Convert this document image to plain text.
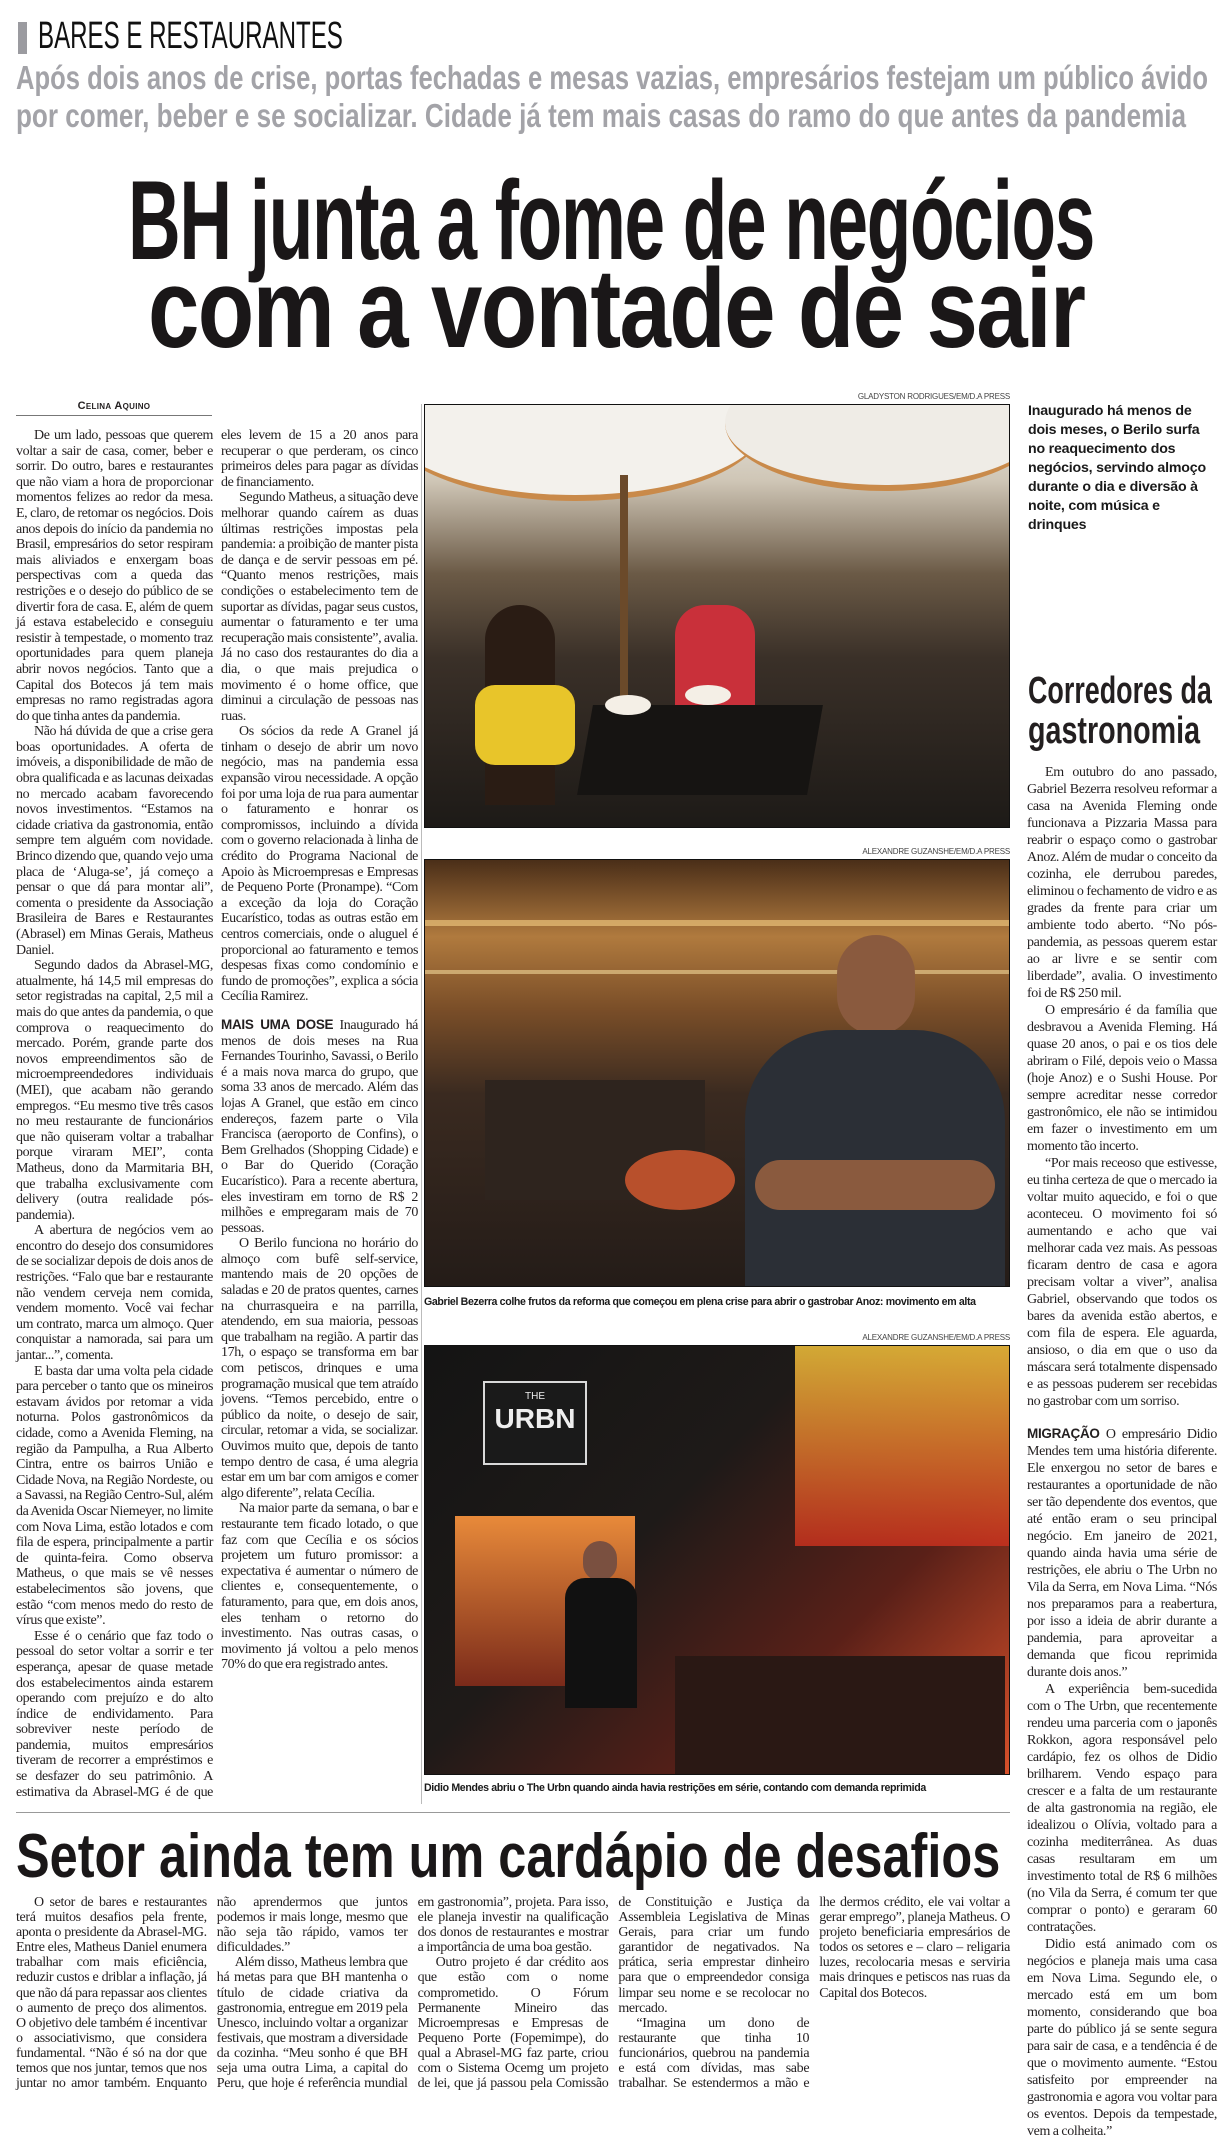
BARES E RESTAURANTES
Após dois anos de crise, portas fechadas e mesas vazias, empresários festejam um público ávido
por comer, beber e se socializar. Cidade já tem mais casas do ramo do que antes da pandemia
BH junta a fome de negócios
com a vontade de sair
Celina Aquino

De um lado, pessoas que querem voltar a sair de casa, comer, beber e sorrir. Do outro, bares e restaurantes que não viam a hora de proporcionar momentos felizes ao redor da mesa. E, claro, de retomar os negócios. Dois anos depois do início da pandemia no Brasil, empresários do setor respiram mais aliviados e enxergam boas perspectivas com a queda das restrições e o desejo do público de se divertir fora de casa. E, além de quem já estava estabelecido e conseguiu resistir à tempestade, o momento traz oportunidades para quem planeja abrir novos negócios. Tanto que a Capital dos Botecos já tem mais empresas no ramo registradas agora do que tinha antes da pandemia.

Não há dúvida de que a crise gera boas oportunidades. A oferta de imóveis, a disponibilidade de mão de obra qualificada e as lacunas deixadas no mercado acabam favorecendo novos investimentos. “Estamos na cidade criativa da gastronomia, então sempre tem alguém com novidade. Brinco dizendo que, quando vejo uma placa de ‘Aluga-se’, já começo a pensar o que dá para montar ali”, comenta o presidente da Associação Brasileira de Bares e Restaurantes (Abrasel) em Minas Gerais, Matheus Daniel.

Segundo dados da Abrasel-MG, atualmente, há 14,5 mil empresas do setor registradas na capital, 2,5 mil a mais do que antes da pandemia, o que comprova o reaquecimento do mercado. Porém, grande parte dos novos empreendimentos são de microempreendedores individuais (MEI), que acabam não gerando empregos. “Eu mesmo tive três casos no meu restaurante de funcionários que não quiseram voltar a trabalhar porque viraram MEI”, conta Matheus, dono da Marmitaria BH, que trabalha exclusivamente com delivery (outra realidade pós-pandemia).

A abertura de negócios vem ao encontro do desejo dos consumidores de se socializar depois de dois anos de restrições. “Falo que bar e restaurante não vendem cerveja nem comida, vendem momento. Você vai fechar um contrato, marca um almoço. Quer conquistar a namorada, sai para um jantar...”, comenta.

E basta dar uma volta pela cidade para perceber o tanto que os mineiros estavam ávidos por retomar a vida noturna. Polos gastronômicos da cidade, como a Avenida Fleming, na região da Pampulha, a Rua Alberto Cintra, entre os bairros União e Cidade Nova, na Região Nordeste, ou a Savassi, na Região Centro-Sul, além da Avenida Oscar Niemeyer, no limite com Nova Lima, estão lotados e com fila de espera, principalmente a partir de quinta-feira. Como observa Matheus, o que mais se vê nesses estabelecimentos são jovens, que estão “com menos medo do resto de vírus que existe”.

Esse é o cenário que faz todo o pessoal do setor voltar a sorrir e ter esperança, apesar de quase metade dos estabelecimentos ainda estarem operando com prejuízo e do alto índice de endividamento. Para sobreviver neste período de pandemia, muitos empresários tiveram de recorrer a empréstimos e se desfazer do seu patrimônio. A estimativa da Abrasel-MG é de que eles levem de 15 a 20 anos para recuperar o que perderam, os cinco primeiros deles para pagar as dívidas de financiamento.

Segundo Matheus, a situação deve melhorar quando caírem as duas últimas restrições impostas pela pandemia: a proibição de manter pista de dança e de servir pessoas em pé. “Quanto menos restrições, mais condições o estabelecimento tem de suportar as dívidas, pagar seus custos, aumentar o faturamento e ter uma recuperação mais consistente”, avalia. Já no caso dos restaurantes do dia a dia, o que mais prejudica o movimento é o home office, que diminui a circulação de pessoas nas ruas.

Os sócios da rede A Granel já tinham o desejo de abrir um novo negócio, mas na pandemia essa expansão virou necessidade. A opção foi por uma loja de rua para aumentar o faturamento e honrar os compromissos, incluindo a dívida com o governo relacionada à linha de crédito do Programa Nacional de Apoio às Microempresas e Empresas de Pequeno Porte (Pronampe). “Com a exceção da loja do Coração Eucarístico, todas as outras estão em centros comerciais, onde o aluguel é proporcional ao faturamento e temos despesas fixas como condomínio e fundo de promoções”, explica a sócia Cecília Ramirez.

MAIS UMA DOSE Inaugurado há menos de dois meses na Rua Fernandes Tourinho, Savassi, o Berilo é a mais nova marca do grupo, que soma 33 anos de mercado. Além das lojas A Granel, que estão em cinco endereços, fazem parte o Vila Francisca (aeroporto de Confins), o Bem Grelhados (Shopping Cidade) e o Bar do Querido (Coração Eucarístico). Para a recente abertura, eles investiram em torno de R$ 2 milhões e empregaram mais de 70 pessoas.

O Berilo funciona no horário do almoço com bufê self-service, mantendo mais de 20 opções de saladas e 20 de pratos quentes, carnes na churrasqueira e na parrilla, atendendo, em sua maioria, pessoas que trabalham na região. A partir das 17h, o espaço se transforma em bar com petiscos, drinques e uma programação musical que tem atraído jovens. “Temos percebido, entre o público da noite, o desejo de sair, circular, retomar a vida, se socializar. Ouvimos muito que, depois de tanto tempo dentro de casa, é uma alegria estar em um bar com amigos e comer algo diferente”, relata Cecília.

Na maior parte da semana, o bar e restaurante tem ficado lotado, o que faz com que Cecília e os sócios projetem um futuro promissor: a expectativa é aumentar o número de clientes e, consequentemente, o faturamento, para que, em dois anos, eles tenham o retorno do investimento. Nas outras casas, o movimento já voltou a pelo menos 70% do que era registrado antes.

GLADYSTON RODRIGUES/EM/D.A PRESS
Inaugurado há menos de dois meses, o Berilo surfa no reaquecimento dos negócios, servindo almoço durante o dia e diversão à noite, com música e drinques
ALEXANDRE GUZANSHE/EM/D.A PRESS
Gabriel Bezerra colhe frutos da reforma que começou em plena crise para abrir o gastrobar Anoz: movimento em alta
ALEXANDRE GUZANSHE/EM/D.A PRESS
THE
URBN
Didio Mendes abriu o The Urbn quando ainda havia restrições em série, contando com demanda reprimida
Corredores da
gastronomia

Em outubro do ano passado, Gabriel Bezerra resolveu reformar a casa na Avenida Fleming onde funcionava a Pizzaria Massa para reabrir o espaço como o gastrobar Anoz. Além de mudar o conceito da cozinha, ele derrubou paredes, eliminou o fechamento de vidro e as grades da frente para criar um ambiente todo aberto. “No pós-pandemia, as pessoas querem estar ao ar livre e se sentir com liberdade”, avalia. O investimento foi de R$ 250 mil.

O empresário é da família que desbravou a Avenida Fleming. Há quase 20 anos, o pai e os tios dele abriram o Filé, depois veio o Massa (hoje Anoz) e o Sushi House. Por sempre acreditar nesse corredor gastronômico, ele não se intimidou em fazer o investimento em um momento tão incerto.

“Por mais receoso que estivesse, eu tinha certeza de que o mercado ia voltar muito aquecido, e foi o que aconteceu. O movimento foi só aumentando e acho que vai melhorar cada vez mais. As pessoas ficaram dentro de casa e agora precisam voltar a viver”, analisa Gabriel, observando que todos os bares da avenida estão abertos, e com fila de espera. Ele aguarda, ansioso, o dia em que o uso da máscara será totalmente dispensado e as pessoas puderem ser recebidas no gastrobar com um sorriso.

MIGRAÇÃO O empresário Didio Mendes tem uma história diferente. Ele enxergou no setor de bares e restaurantes a oportunidade de não ser tão dependente dos eventos, que até então eram o seu principal negócio. Em janeiro de 2021, quando ainda havia uma série de restrições, ele abriu o The Urbn no Vila da Serra, em Nova Lima. “Nós nos preparamos para a reabertura, por isso a ideia de abrir durante a pandemia, para aproveitar a demanda que ficou reprimida durante dois anos.”

A experiência bem-sucedida com o The Urbn, que recentemente rendeu uma parceria com o japonês Rokkon, agora responsável pelo cardápio, fez os olhos de Didio brilharem. Vendo espaço para crescer e a falta de um restaurante de alta gastronomia na região, ele idealizou o Olívia, voltado para a cozinha mediterrânea. As duas casas resultaram em um investimento total de R$ 6 milhões (no Vila da Serra, é comum ter que comprar o ponto) e geraram 60 contratações.

Didio está animado com os negócios e planeja mais uma casa em Nova Lima. Segundo ele, o mercado está em um bom momento, considerando que boa parte do público já se sente segura para sair de casa, e a tendência é de que o movimento aumente. “Estou satisfeito por empreender na gastronomia e agora vou voltar para os eventos. Depois da tempestade, vem a colheita.”

Setor ainda tem um cardápio de desafios

O setor de bares e restaurantes terá muitos desafios pela frente, aponta o presidente da Abrasel-MG. Entre eles, Matheus Daniel enumera trabalhar com mais eficiência, reduzir custos e driblar a inflação, já que não dá para repassar aos clientes o aumento de preço dos alimentos. O objetivo dele também é incentivar o associativismo, que considera fundamental. “Não é só na dor que temos que nos juntar, temos que nos juntar no amor também. Enquanto não aprendermos que juntos podemos ir mais longe, mesmo que não seja tão rápido, vamos ter dificuldades.”

Além disso, Matheus lembra que há metas para que BH mantenha o título de cidade criativa da gastronomia, entregue em 2019 pela Unesco, incluindo voltar a organizar festivais, que mostram a diversidade da cozinha. “Meu sonho é que BH seja uma outra Lima, a capital do Peru, que hoje é referência mundial em gastronomia”, projeta. Para isso, ele planeja investir na qualificação dos donos de restaurantes e mostrar a importância de uma boa gestão.

Outro projeto é dar crédito aos que estão com o nome comprometido. O Fórum Permanente Mineiro das Microempresas e Empresas de Pequeno Porte (Fopemimpe), do qual a Abrasel-MG faz parte, criou com o Sistema Ocemg um projeto de lei, que já passou pela Comissão de Constituição e Justiça da Assembleia Legislativa de Minas Gerais, para criar um fundo garantidor de negativados. Na prática, seria emprestar dinheiro para que o empreendedor consiga limpar seu nome e se recolocar no mercado.

“Imagina um dono de restaurante que tinha 10 funcionários, quebrou na pandemia e está com dívidas, mas sabe trabalhar. Se estendermos a mão e lhe dermos crédito, ele vai voltar a gerar emprego”, planeja Matheus. O projeto beneficiaria empresários de todos os setores e – claro – religaria luzes, recolocaria mesas e serviria mais drinques e petiscos nas ruas da Capital dos Botecos.
